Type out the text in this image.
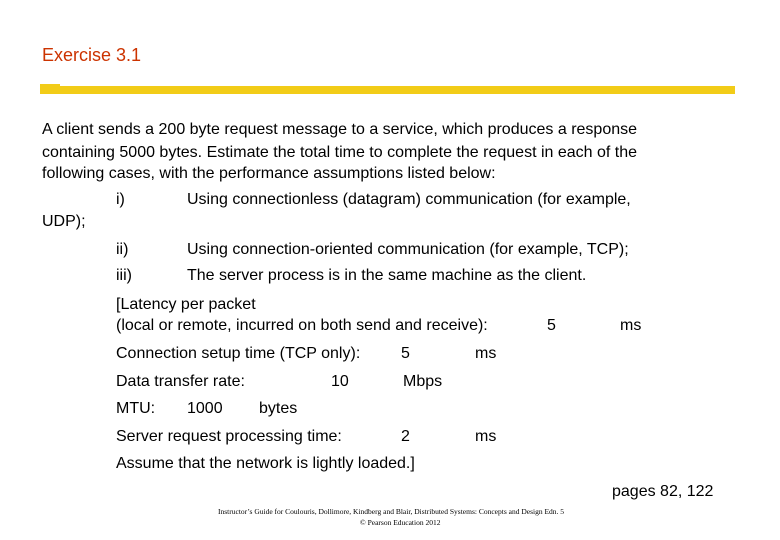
Exercise 3.1
A client sends a 200 byte request message to a service, which produces a response
containing 5000 bytes. Estimate the total time to complete the request in each of the
following cases, with the performance assumptions listed below:
i)	Using connectionless (datagram) communication (for example,
UDP);
ii)	Using connection-oriented communication (for example, TCP);
iii)	The server process is in the same machine as the client.
[Latency per packet
(local or remote, incurred on both send and receive):	5	ms
Connection setup time (TCP only):	5	ms
Data transfer rate:	10	Mbps
MTU: 1000 bytes
Server request processing time:	2	ms
Assume that the network is lightly loaded.]
pages 82, 122
Instructor’s Guide for Coulouris, Dollimore, Kindberg and Blair, Distributed Systems: Concepts and Design Edn. 5
© Pearson Education 2012
